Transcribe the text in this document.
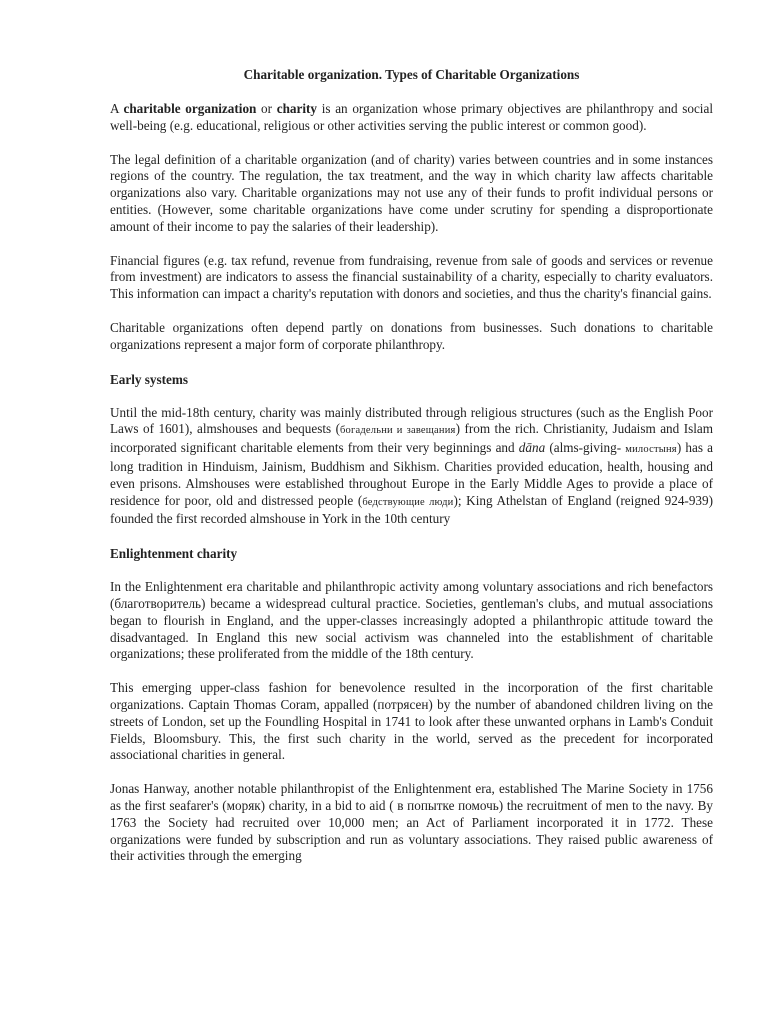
Charitable organization. Types of Charitable Organizations
A charitable organization or charity is an organization whose primary objectives are philanthropy and social well-being (e.g. educational, religious or other activities serving the public interest or common good).
The legal definition of a charitable organization (and of charity) varies between countries and in some instances regions of the country. The regulation, the tax treatment, and the way in which charity law affects charitable organizations also vary. Charitable organizations may not use any of their funds to profit individual persons or entities. (However, some charitable organizations have come under scrutiny for spending a disproportionate amount of their income to pay the salaries of their leadership).
Financial figures (e.g. tax refund, revenue from fundraising, revenue from sale of goods and services or revenue from investment) are indicators to assess the financial sustainability of a charity, especially to charity evaluators. This information can impact a charity's reputation with donors and societies, and thus the charity's financial gains.
Charitable organizations often depend partly on donations from businesses. Such donations to charitable organizations represent a major form of corporate philanthropy.
Early systems
Until the mid-18th century, charity was mainly distributed through religious structures (such as the English Poor Laws of 1601), almshouses and bequests (богадельни и завещания) from the rich. Christianity, Judaism and Islam incorporated significant charitable elements from their very beginnings and dāna (alms-giving- милостыня) has a long tradition in Hinduism, Jainism, Buddhism and Sikhism. Charities provided education, health, housing and even prisons. Almshouses were established throughout Europe in the Early Middle Ages to provide a place of residence for poor, old and distressed people (бедствующие люди); King Athelstan of England (reigned 924-939) founded the first recorded almshouse in York in the 10th century
Enlightenment charity
In the Enlightenment era charitable and philanthropic activity among voluntary associations and rich benefactors (благотворитель) became a widespread cultural practice. Societies, gentleman's clubs, and mutual associations began to flourish in England, and the upper-classes increasingly adopted a philanthropic attitude toward the disadvantaged. In England this new social activism was channeled into the establishment of charitable organizations; these proliferated from the middle of the 18th century.
This emerging upper-class fashion for benevolence resulted in the incorporation of the first charitable organizations. Captain Thomas Coram, appalled (потрясен) by the number of abandoned children living on the streets of London, set up the Foundling Hospital in 1741 to look after these unwanted orphans in Lamb's Conduit Fields, Bloomsbury. This, the first such charity in the world, served as the precedent for incorporated associational charities in general.
Jonas Hanway, another notable philanthropist of the Enlightenment era, established The Marine Society in 1756 as the first seafarer's (моряк) charity, in a bid to aid ( в попытке помочь) the recruitment of men to the navy. By 1763 the Society had recruited over 10,000 men; an Act of Parliament incorporated it in 1772. These organizations were funded by subscription and run as voluntary associations. They raised public awareness of their activities through the emerging
